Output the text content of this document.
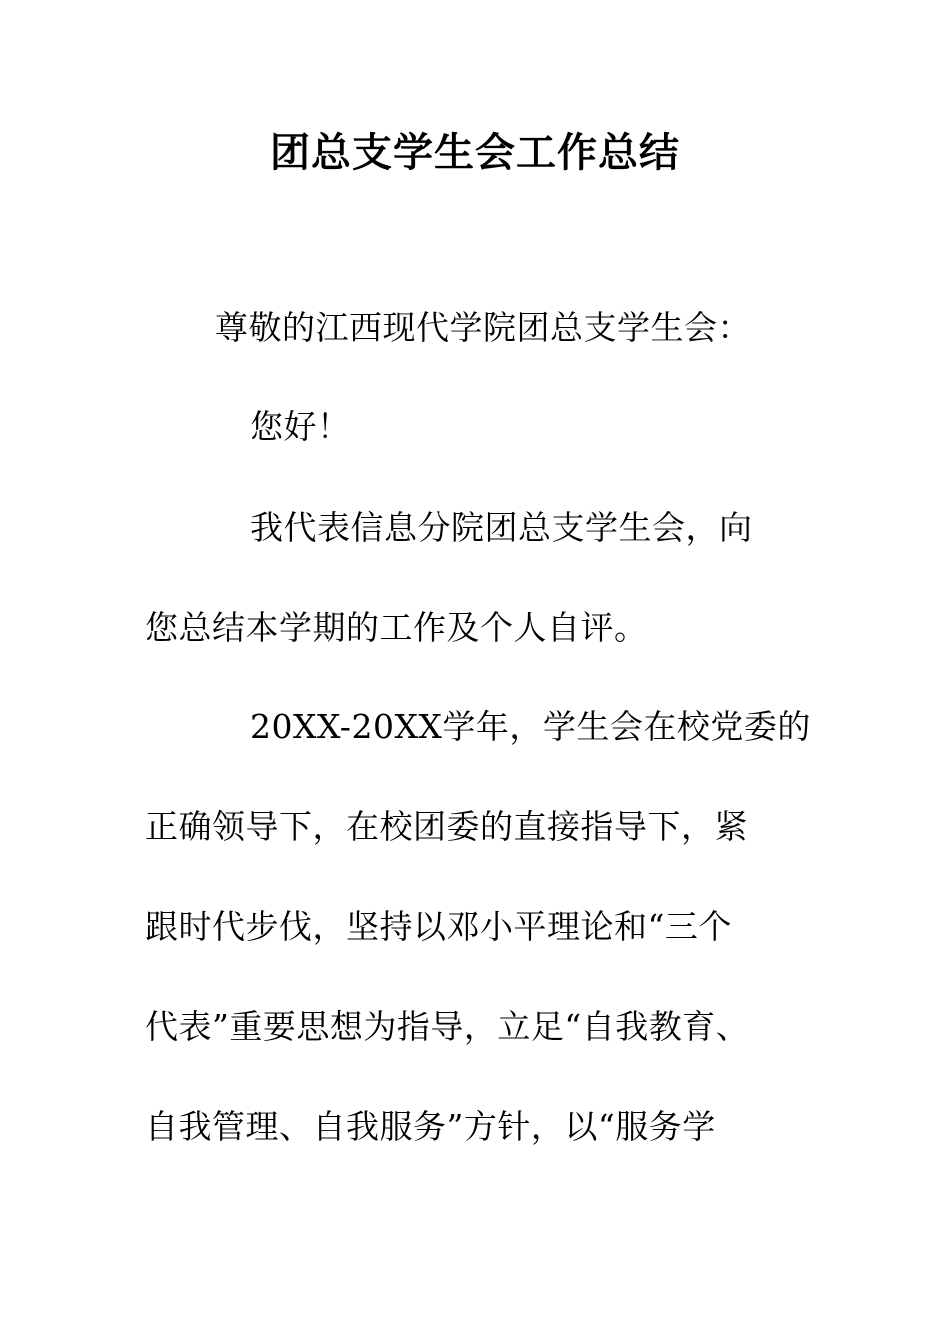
团总支学生会工作总结
尊敬的江西现代学院团总支学生会：
您好！
我代表信息分院团总支学生会，向
您总结本学期的工作及个人自评。
20XX-20XX学年，学生会在校党委的
正确领导下，在校团委的直接指导下，紧
跟时代步伐，坚持以邓小平理论和“三个
代表”重要思想为指导，立足“自我教育、
自我管理、自我服务”方针，以“服务学
